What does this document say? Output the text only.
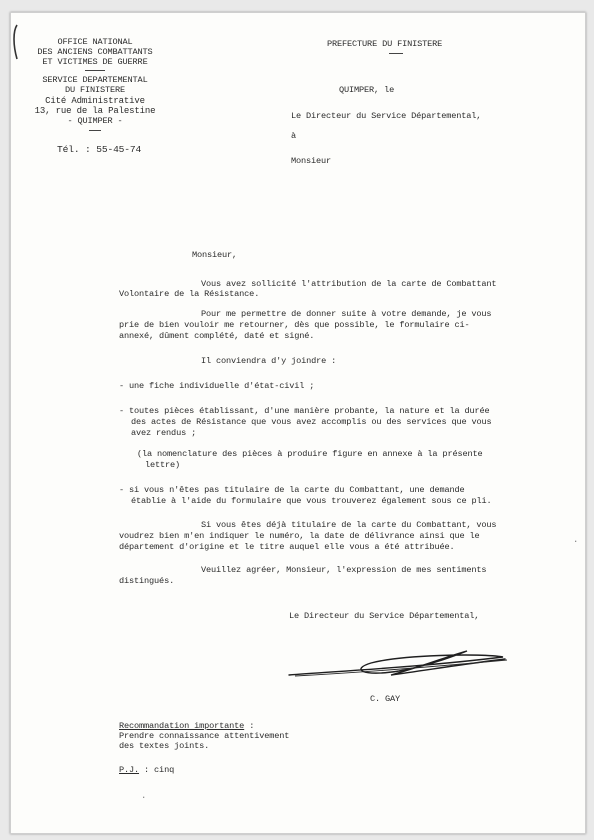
OFFICE NATIONAL
DES ANCIENS COMBATTANTS
ET VICTIMES DE GUERRE
SERVICE DEPARTEMENTAL
DU FINISTERE
Cité Administrative
13, rue de la Palestine
- QUIMPER -
Tél. : 55-45-74
PREFECTURE DU FINISTERE
QUIMPER, le
Le Directeur du Service Départemental,
à
Monsieur
Monsieur,
Vous avez sollicité l'attribution de la carte de Combattant
Volontaire de la Résistance.
Pour me permettre de donner suite à votre demande, je vous
prie de bien vouloir me retourner, dès que possible, le formulaire ci-
annexé, dûment complété, daté et signé.
Il conviendra d'y joindre :
- une fiche individuelle d'état-civil ;
- toutes pièces établissant, d'une manière probante, la nature et la durée
des actes de Résistance que vous avez accomplis ou des services que vous
avez rendus ;
(la nomenclature des pièces à produire figure en annexe à la présente
lettre)
- si vous n'êtes pas titulaire de la carte du Combattant, une demande
établie à l'aide du formulaire que vous trouverez également sous ce pli.
Si vous êtes déjà titulaire de la carte du Combattant, vous
voudrez bien m'en indiquer le numéro, la date de délivrance ainsi que le
département d'origine et le titre auquel elle vous a été attribuée.
Veuillez agréer, Monsieur, l'expression de mes sentiments
distingués.
Le Directeur du Service Départemental,
C. GAY
Recommandation importante :
Prendre connaissance attentivement
des textes joints.
P.J. : cinq
·
·
